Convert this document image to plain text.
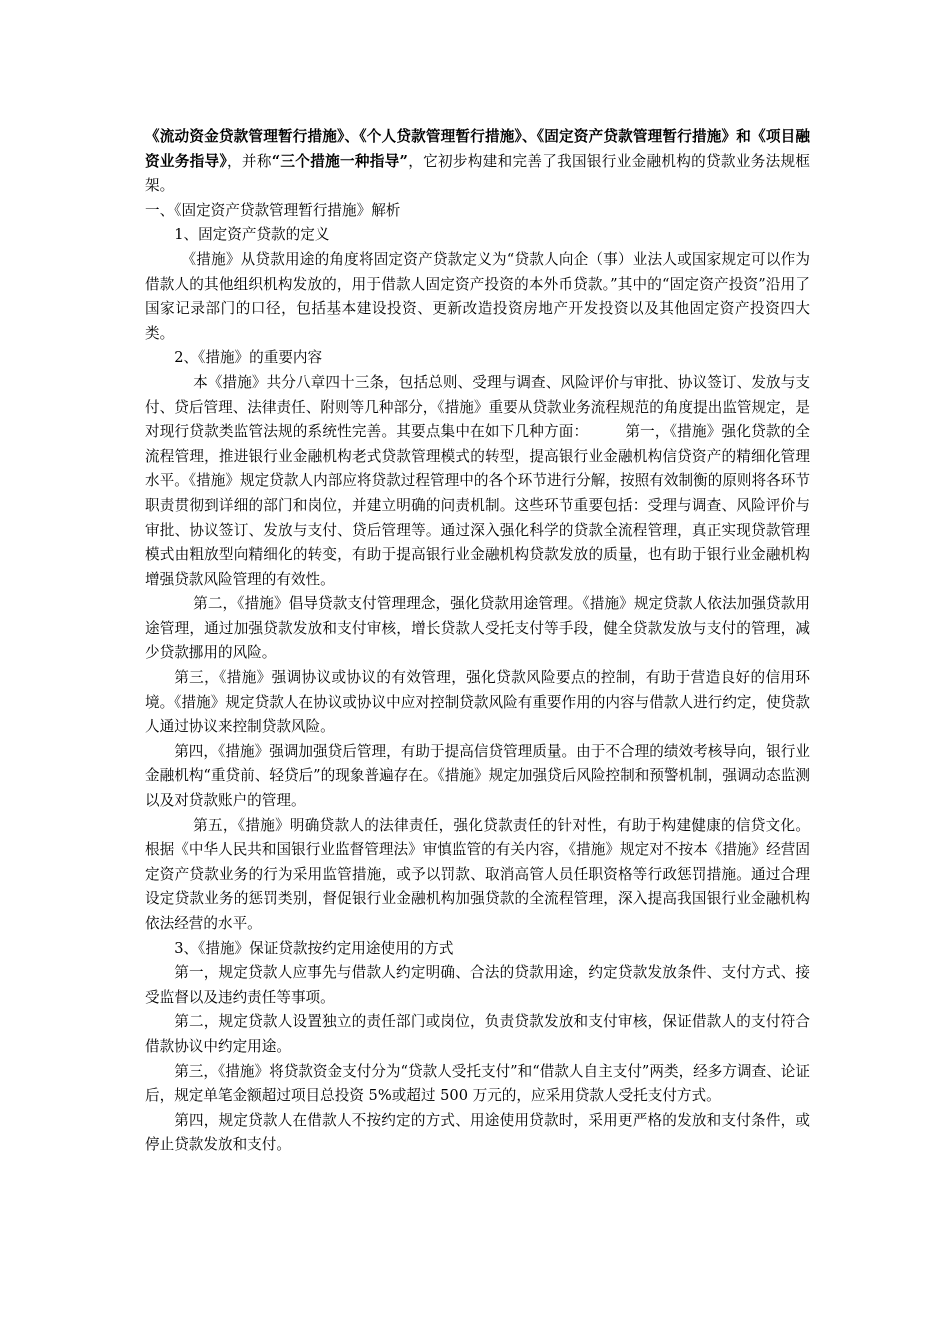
《流动资金贷款管理暂行措施》、《个人贷款管理暂行措施》、《固定资产贷款管理暂行措施》和《项目融资业务指导》，并称“三个措施一种指导”，它初步构建和完善了我国银行业金融机构的贷款业务法规框架。

一、《固定资产贷款管理暂行措施》解析

1、固定资产贷款的定义

《措施》从贷款用途的角度将固定资产贷款定义为“贷款人向企（事）业法人或国家规定可以作为借款人的其他组织机构发放的，用于借款人固定资产投资的本外币贷款。”其中的“固定资产投资”沿用了国家记录部门的口径，包括基本建设投资、更新改造投资房地产开发投资以及其他固定资产投资四大类。

2、《措施》的重要内容

本《措施》共分八章四十三条，包括总则、受理与调查、风险评价与审批、协议签订、发放与支付、贷后管理、法律责任、附则等几种部分，《措施》重要从贷款业务流程规范的角度提出监管规定，是对现行贷款类监管法规的系统性完善。其要点集中在如下几种方面：　　　第一，《措施》强化贷款的全流程管理，推进银行业金融机构老式贷款管理模式的转型，提高银行业金融机构信贷资产的精细化管理水平。《措施》规定贷款人内部应将贷款过程管理中的各个环节进行分解，按照有效制衡的原则将各环节职责贯彻到详细的部门和岗位，并建立明确的问责机制。这些环节重要包括：受理与调查、风险评价与审批、协议签订、发放与支付、贷后管理等。通过深入强化科学的贷款全流程管理，真正实现贷款管理模式由粗放型向精细化的转变，有助于提高银行业金融机构贷款发放的质量，也有助于银行业金融机构增强贷款风险管理的有效性。

第二，《措施》倡导贷款支付管理理念，强化贷款用途管理。《措施》规定贷款人依法加强贷款用途管理，通过加强贷款发放和支付审核，增长贷款人受托支付等手段，健全贷款发放与支付的管理，减少贷款挪用的风险。

第三，《措施》强调协议或协议的有效管理，强化贷款风险要点的控制，有助于营造良好的信用环境。《措施》规定贷款人在协议或协议中应对控制贷款风险有重要作用的内容与借款人进行约定，使贷款人通过协议来控制贷款风险。

第四，《措施》强调加强贷后管理，有助于提高信贷管理质量。由于不合理的绩效考核导向，银行业金融机构“重贷前、轻贷后”的现象普遍存在。《措施》规定加强贷后风险控制和预警机制，强调动态监测以及对贷款账户的管理。

第五，《措施》明确贷款人的法律责任，强化贷款责任的针对性，有助于构建健康的信贷文化。根据《中华人民共和国银行业监督管理法》审慎监管的有关内容，《措施》规定对不按本《措施》经营固定资产贷款业务的行为采用监管措施，或予以罚款、取消高管人员任职资格等行政惩罚措施。通过合理设定贷款业务的惩罚类别，督促银行业金融机构加强贷款的全流程管理，深入提高我国银行业金融机构依法经营的水平。

3、《措施》保证贷款按约定用途使用的方式

第一，规定贷款人应事先与借款人约定明确、合法的贷款用途，约定贷款发放条件、支付方式、接受监督以及违约责任等事项。

第二，规定贷款人设置独立的责任部门或岗位，负责贷款发放和支付审核，保证借款人的支付符合借款协议中约定用途。

第三，《措施》将贷款资金支付分为“贷款人受托支付”和“借款人自主支付”两类，经多方调查、论证后，规定单笔金额超过项目总投资 5%或超过 500 万元的，应采用贷款人受托支付方式。

第四，规定贷款人在借款人不按约定的方式、用途使用贷款时，采用更严格的发放和支付条件，或停止贷款发放和支付。
